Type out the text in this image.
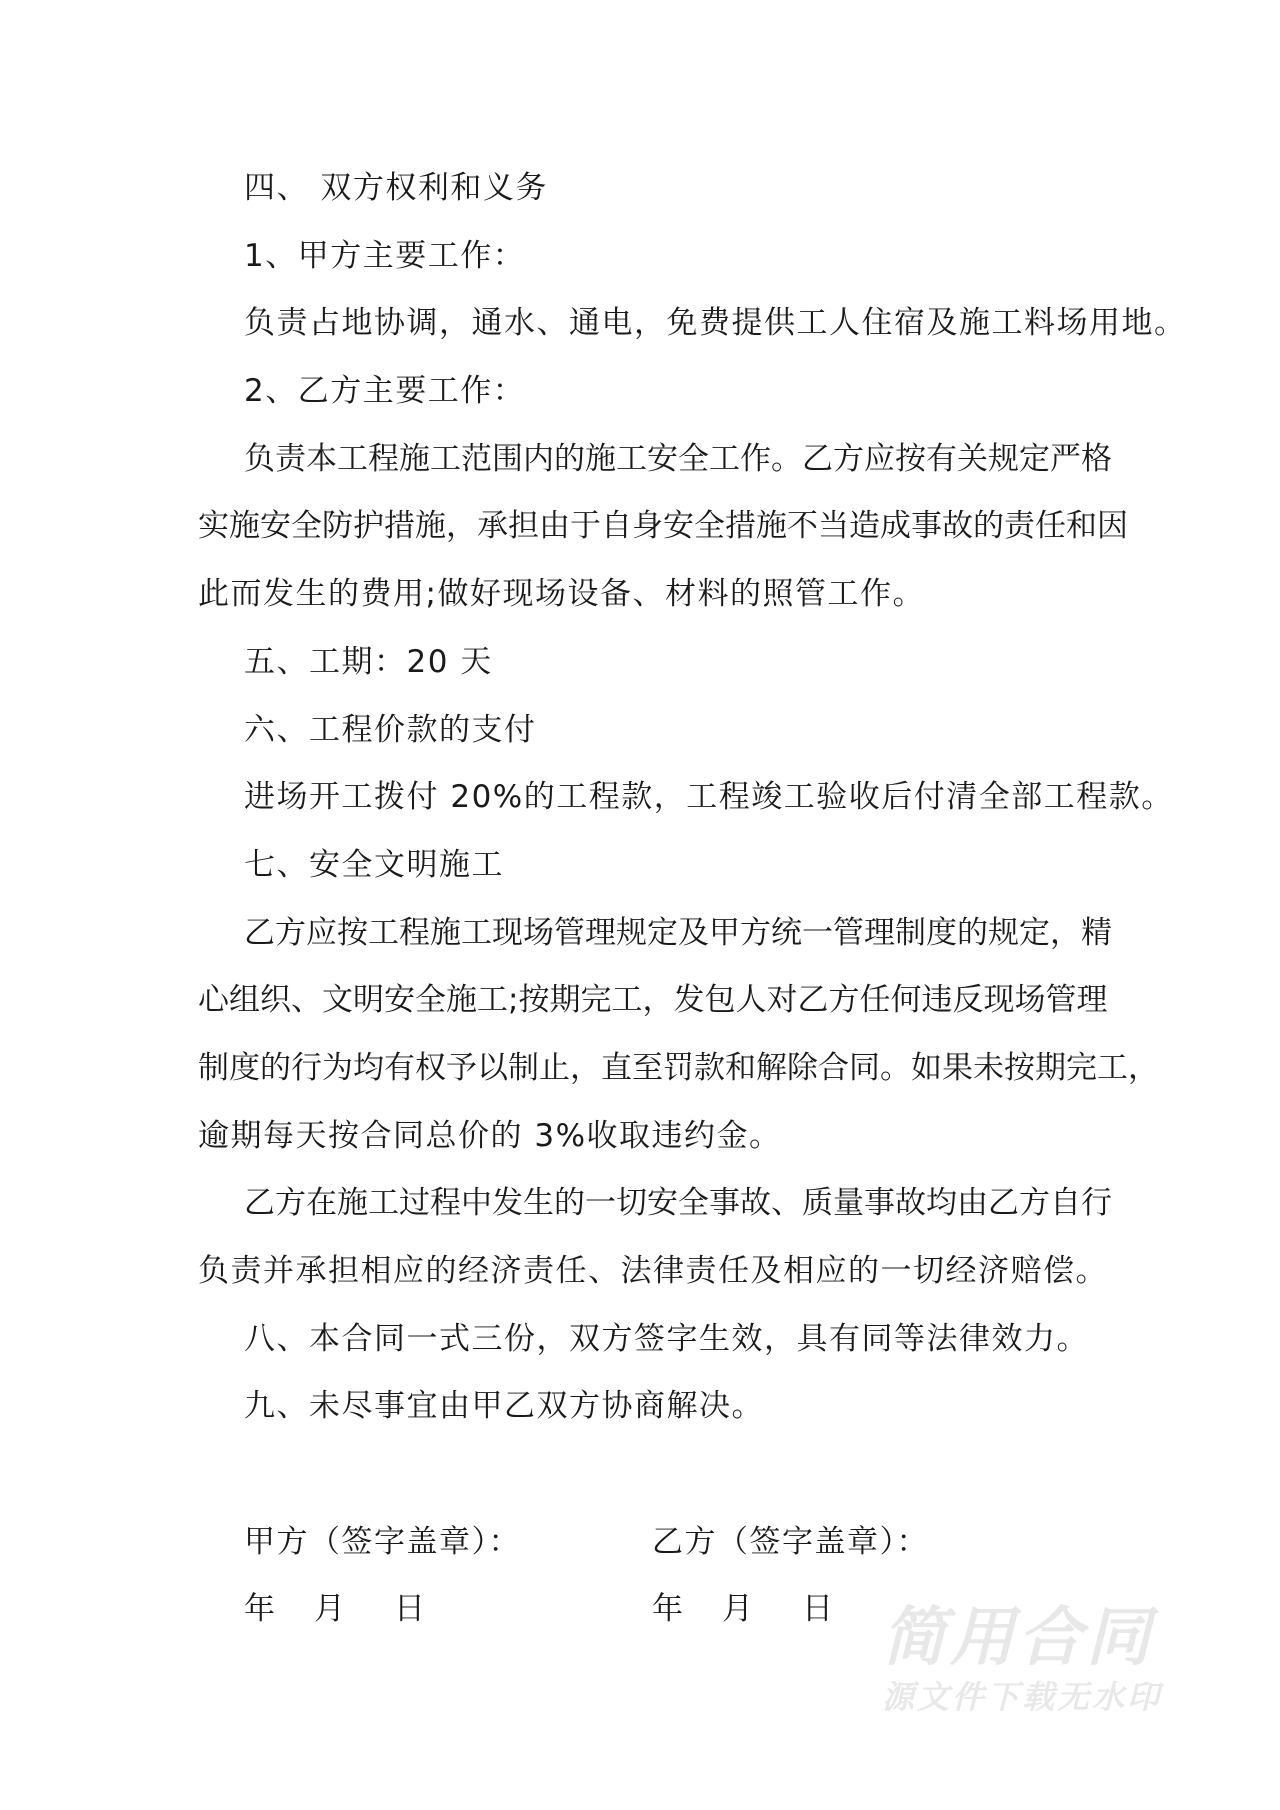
四、 双方权利和义务
1、甲方主要工作：
负责占地协调，通水、通电，免费提供工人住宿及施工料场用地。
2、乙方主要工作：
负责本工程施工范围内的施工安全工作。乙方应按有关规定严格
实施安全防护措施，承担由于自身安全措施不当造成事故的责任和因
此而发生的费用;做好现场设备、材料的照管工作。
五、工期：20 天
六、工程价款的支付
进场开工拨付 20%的工程款，工程竣工验收后付清全部工程款。
七、安全文明施工
乙方应按工程施工现场管理规定及甲方统一管理制度的规定，精
心组织、文明安全施工;按期完工，发包人对乙方任何违反现场管理
制度的行为均有权予以制止，直至罚款和解除合同。如果未按期完工，
逾期每天按合同总价的 3%收取违约金。
乙方在施工过程中发生的一切安全事故、质量事故均由乙方自行
负责并承担相应的经济责任、法律责任及相应的一切经济赔偿。
八、本合同一式三份，双方签字生效，具有同等法律效力。
九、未尽事宜由甲乙双方协商解决。
甲方（签字盖章）：	乙方（签字盖章）：
年 月 日	年 月 日 简用合同
源文件下载无水印
